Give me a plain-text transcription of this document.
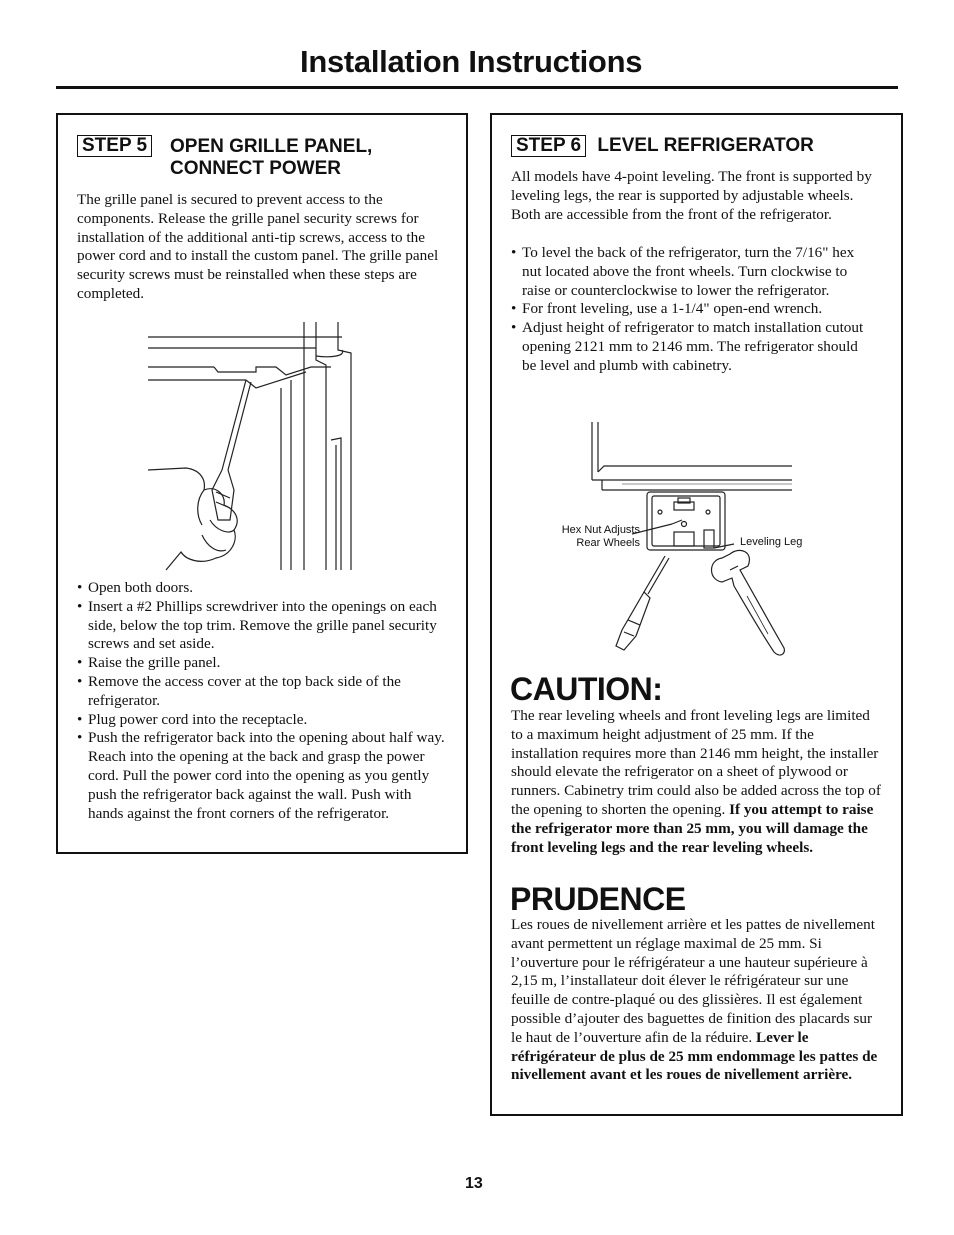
Installation Instructions
STEP 5 OPEN GRILLE PANEL,
CONNECT POWER

The grille panel is secured to prevent access to the components. Release the grille panel security screws for installation of the additional anti-tip screws, access to the power cord and to install the custom panel. The grille panel security screws must be reinstalled when these steps are completed.

• Open both doors.
• Insert a #2 Phillips screwdriver into the openings on each side, below the top trim. Remove the grille panel security screws and set aside.
• Raise the grille panel.
• Remove the access cover at the top back side of the refrigerator.
• Plug power cord into the receptacle.
• Push the refrigerator back into the opening about half way. Reach into the opening at the back and grasp the power cord. Pull the power cord into the opening as you gently push the refrigerator back against the wall. Push with hands against the front corners of the refrigerator.
STEP 6 LEVEL REFRIGERATOR

All models have 4-point leveling. The front is supported by leveling legs, the rear is supported by adjustable wheels. Both are accessible from the front of the refrigerator.

• To level the back of the refrigerator, turn the 7/16" hex nut located above the front wheels. Turn clockwise to raise or counterclockwise to lower the refrigerator.
• For front leveling, use a 1-1/4" open-end wrench.
• Adjust height of refrigerator to match installation cutout opening 2121 mm to 2146 mm. The refrigerator should be level and plumb with cabinetry.
Hex Nut Adjusts
Rear Wheels	Leveling Leg
CAUTION:

The rear leveling wheels and front leveling legs are limited to a maximum height adjustment of 25 mm. If the installation requires more than 2146 mm height, the installer should elevate the refrigerator on a sheet of plywood or runners. Cabinetry trim could also be added across the top of the opening to shorten the opening. If you attempt to raise the refrigerator more than 25 mm, you will damage the front leveling legs and the rear leveling wheels.

PRUDENCE

Les roues de nivellement arrière et les pattes de nivellement avant permettent un réglage maximal de 25 mm. Si l’ouverture pour le réfrigérateur a une hauteur supérieure à 2,15 m, l’installateur doit élever le réfrigérateur sur une feuille de contre-plaqué ou des glissières. Il est également possible d’ajouter des baguettes de finition des placards sur le haut de l’ouverture afin de la réduire. Lever le réfrigérateur de plus de 25 mm endommage les pattes de nivellement avant et les roues de nivellement arrière.

13
